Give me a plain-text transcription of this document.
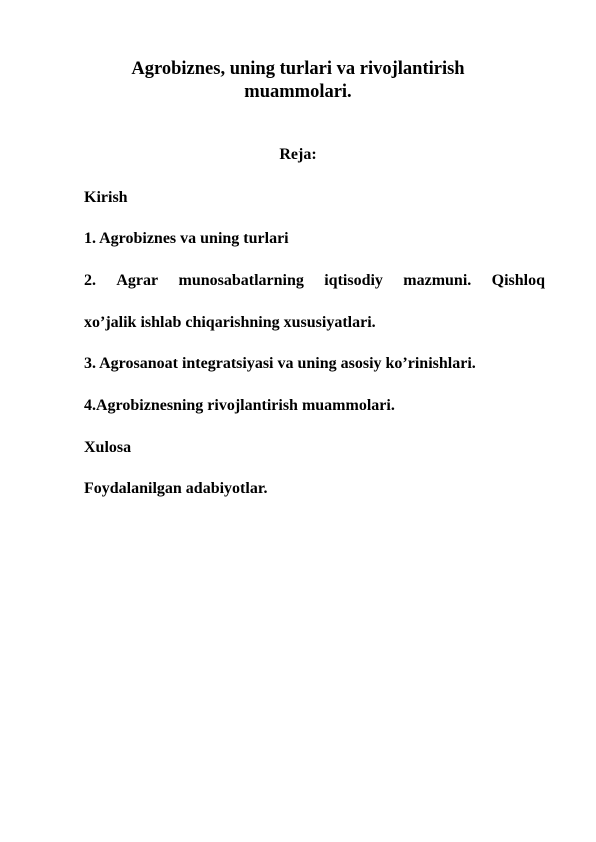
Agrobiznes, uning turlari va rivojlantirish
muammolari.

Reja:

Kirish

1. Agrobiznes va uning turlari

2. Agrar munosabatlarning iqtisodiy mazmuni. Qishloq

xo’jalik ishlab chiqarishning xususiyatlari.

3. Agrosanoat integratsiyasi va uning asosiy ko’rinishlari.

4.Agrobiznesning rivojlantirish muammolari.

Xulosa

Foydalanilgan adabiyotlar.
